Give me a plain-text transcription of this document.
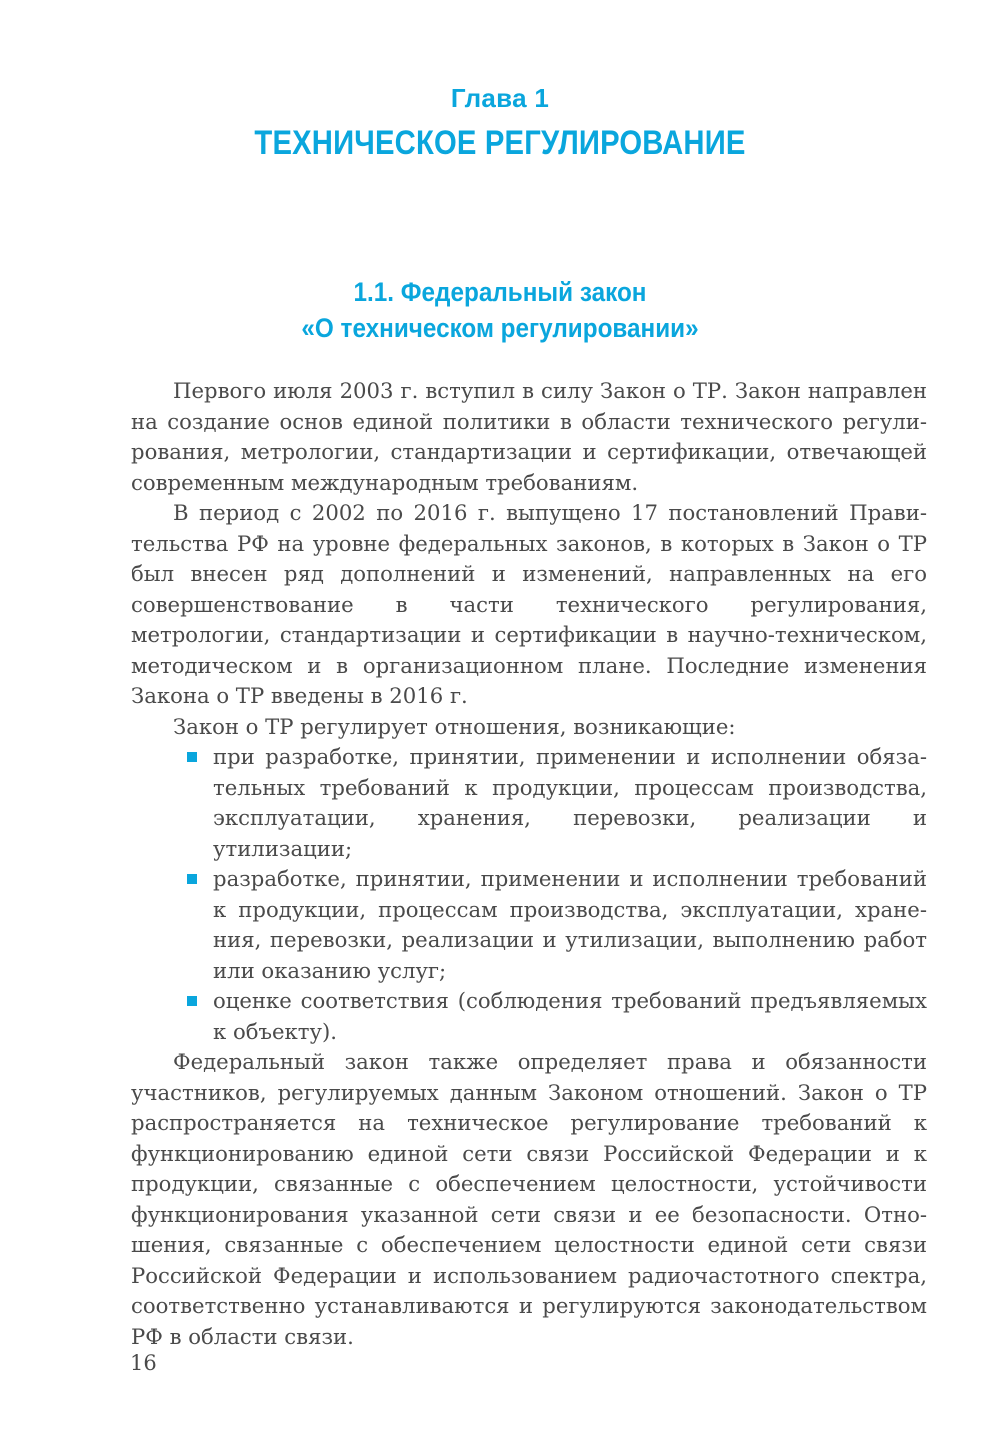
Глава 1
ТЕХНИЧЕСКОЕ РЕГУЛИРОВАНИЕ
1.1. Федеральный закон
«О техническом регулировании»

Первого июля 2003 г. вступил в силу Закон о ТР. Закон направлен на создание основ единой политики в области технического регулирования, метрологии, стандартизации и сертификации, отвечающей современным международным требованиям.

В период с 2002 по 2016 г. выпущено 17 постановлений Правительства РФ на уровне федеральных законов, в которых в Закон о ТР был внесен ряд дополнений и изменений, направленных на его совершенствование в части технического регулирования, метрологии, стандартизации и сертификации в научно-техническом, методическом и в организационном плане. Последние изменения Закона о ТР введены в 2016 г.

Закон о ТР регулирует отношения, возникающие:

при разработке, принятии, применении и исполнении обязательных требований к продукции, процессам производства, эксплуатации, хранения, перевозки, реализации и утилизации;
разработке, принятии, применении и исполнении требований к продукции, процессам производства, эксплуатации, хранения, перевозки, реализации и утилизации, выполнению работ или оказанию услуг;
оценке соответствия (соблюдения требований предъявляемых к объекту).

Федеральный закон также определяет права и обязанности участников, регулируемых данным Законом отношений. Закон о ТР распространяется на техническое регулирование требований к функционированию единой сети связи Российской Федерации и к продукции, связанные с обеспечением целостности, устойчивости функционирования указанной сети связи и ее безопасности. Отношения, связанные с обеспечением целостности единой сети связи Российской Федерации и использованием радиочастотного спектра, соответственно устанавливаются и регулируются законодательством РФ в области связи.

16
